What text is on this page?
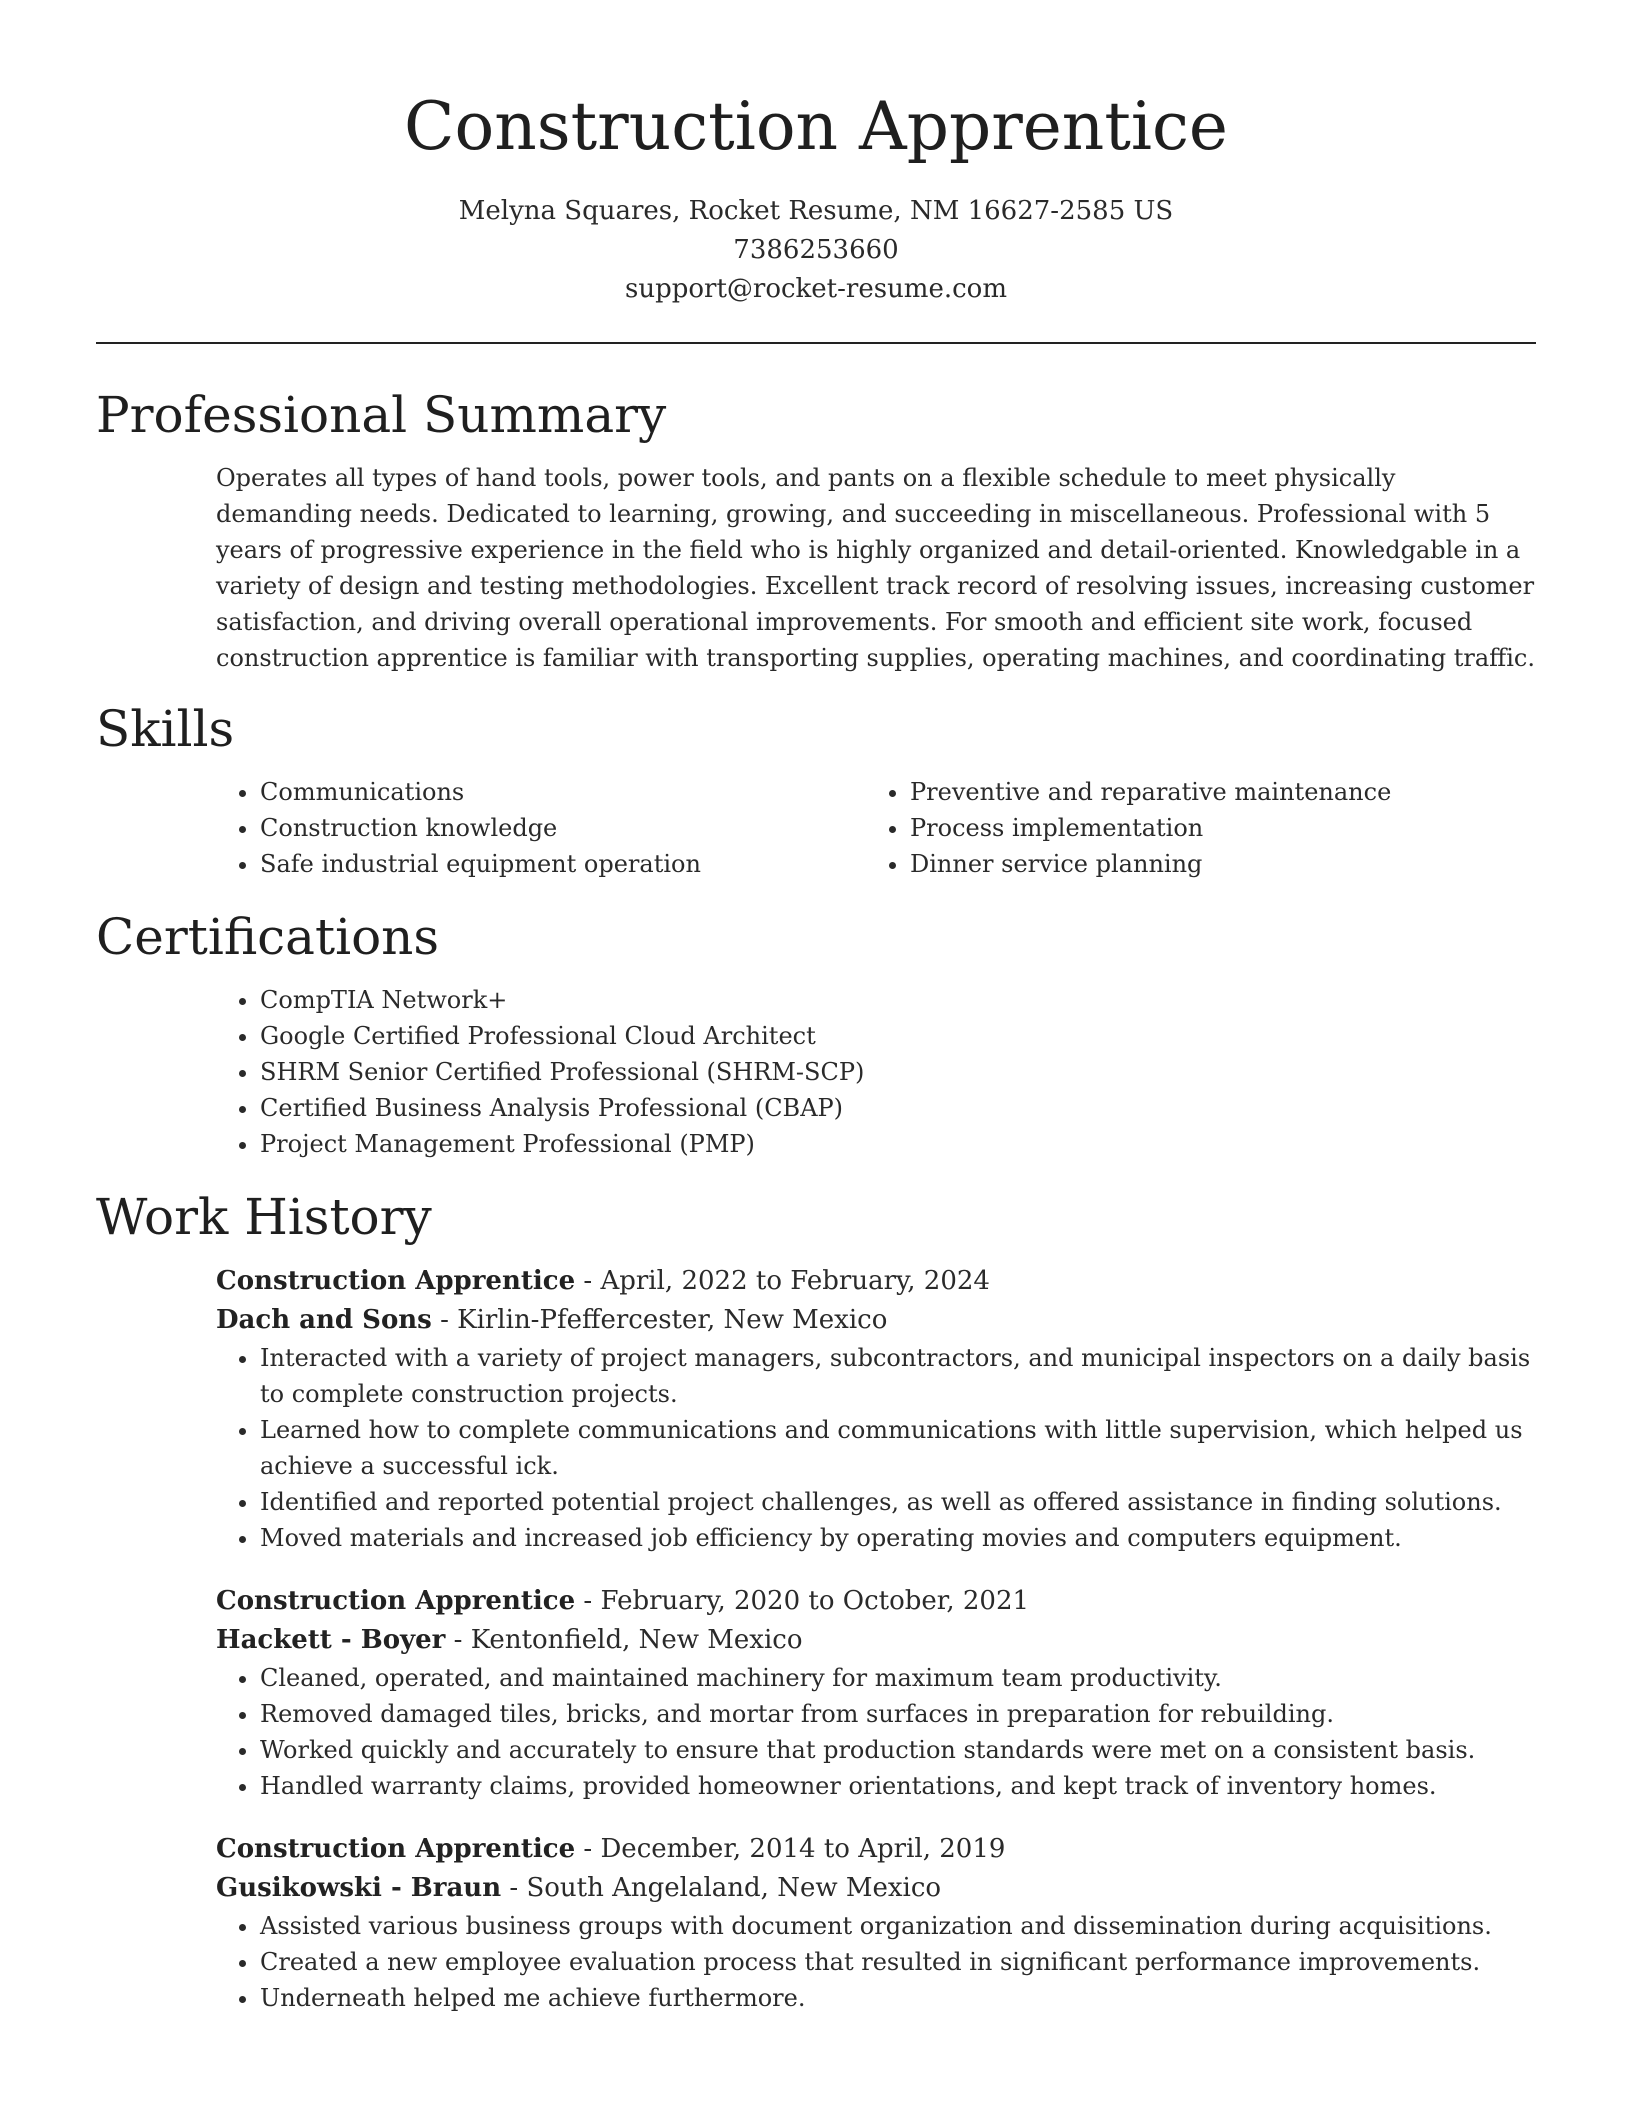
Construction Apprentice
Melyna Squares, Rocket Resume, NM 16627-2585 US
7386253660
support@rocket-resume.com
Professional Summary

Operates all types of hand tools, power tools, and pants on a flexible schedule to meet physically demanding needs. Dedicated to learning, growing, and succeeding in miscellaneous. Professional with 5 years of progressive experience in the field who is highly organized and detail-oriented. Knowledgable in a variety of design and testing methodologies. Excellent track record of resolving issues, increasing customer satisfaction, and driving overall operational improvements. For smooth and efficient site work, focused construction apprentice is familiar with transporting supplies, operating machines, and coordinating traffic.

Skills
• Communications
• Construction knowledge
• Safe industrial equipment operation
• Preventive and reparative maintenance
• Process implementation
• Dinner service planning
Certifications
• CompTIA Network+
• Google Certified Professional Cloud Architect
• SHRM Senior Certified Professional (SHRM-SCP)
• Certified Business Analysis Professional (CBAP)
• Project Management Professional (PMP)
Work History
Construction Apprentice - April, 2022 to February, 2024
Dach and Sons - Kirlin-Pfeffercester, New Mexico
• Interacted with a variety of project managers, subcontractors, and municipal inspectors on a daily basis to complete construction projects.
• Learned how to complete communications and communications with little supervision, which helped us achieve a successful ick.
• Identified and reported potential project challenges, as well as offered assistance in finding solutions.
• Moved materials and increased job efficiency by operating movies and computers equipment.
Construction Apprentice - February, 2020 to October, 2021
Hackett - Boyer - Kentonfield, New Mexico
• Cleaned, operated, and maintained machinery for maximum team productivity.
• Removed damaged tiles, bricks, and mortar from surfaces in preparation for rebuilding.
• Worked quickly and accurately to ensure that production standards were met on a consistent basis.
• Handled warranty claims, provided homeowner orientations, and kept track of inventory homes.
Construction Apprentice - December, 2014 to April, 2019
Gusikowski - Braun - South Angelaland, New Mexico
• Assisted various business groups with document organization and dissemination during acquisitions.
• Created a new employee evaluation process that resulted in significant performance improvements.
• Underneath helped me achieve furthermore.
